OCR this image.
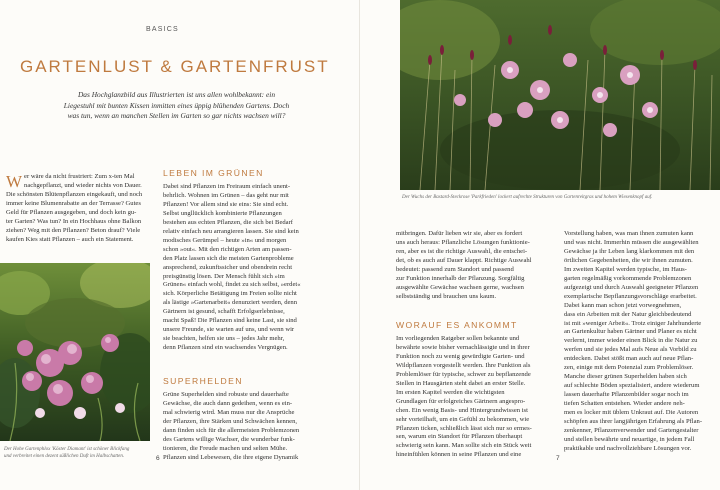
BASICS
GARTENLUST & GARTENFRUST
Das Hochglanzbild aus Illustrierten ist uns allen wohlbekannt: ein
Liegestuhl mit bunten Kissen inmitten eines üppig blühenden Gartens. Doch
was tun, wenn an manchen Stellen im Garten so gar nichts wachsen will?
W er wäre da nicht frustriert: Zum x-ten Mal
nachgepflanzt, und wieder nichts von Dauer.
Die schönsten Blütenpflanzen eingekauft, und noch
immer keine Blumenrabatte an der Terrasse? Gutes
Geld für Pflanzen ausgegeben, und doch kein gu-
ter Garten? Was tun? In ein Hochhaus ohne Balkon
ziehen? Weg mit den Pflanzen? Beton drauf? Viele
kaufen Kies statt Pflanzen – auch ein Statement.
Der Hohe Gartenphlox 'Köster Diamant' ist schöner Blickfang
und verbreitet einen dezent süßlichen Duft im Halbschatten.
LEBEN IM GRÜNEN
Dabei sind Pflanzen im Freiraum einfach unent-
behrlich. Wohnen im Grünen – das geht nur mit
Pflanzen! Vor allem sind sie eins: Sie sind echt.
Selbst ungllücklich kombinierte Pflanzungen
bestehen aus echten Pflanzen, die sich bei Bedarf
relativ einfach neu arrangieren lassen. Sie sind kein
modisches Gerümpel – heute »in« und morgen
schon »out«. Mit den richtigen Arten am passen-
den Platz lassen sich die meisten Gartenprobleme
ansprechend, zukunftssicher und obendrein recht
preisgünstig lösen. Der Mensch fühlt sich »im
Grünen« einfach wohl, findet zu sich selbst, »erdet«
sich. Körperliche Betätigung im Freien sollte nicht
als lästige »Gartenarbeit« denunziert werden, denn
Gärtnern ist gesund, schafft Erfolgserlebnisse,
macht Spaß! Die Pflanzen sind keine Last, sie sind
unsere Freunde, sie warten auf uns, und wenn wir
sie beachten, helfen sie uns – jedes Jahr mehr,
denn Pflanzen sind ein wachsendes Vergnügen.
SUPERHELDEN
Grüne Superhelden sind robuste und dauerhafte
Gewächse, die auch dann gedeihen, wenn es ein-
mal schwierig wird. Man muss nur die Ansprüche
der Pflanzen, ihre Stärken und Schwächen kennen,
dann finden sich für die allermeisten Problemzonen
des Gartens willige Wachser, die wunderbar funk-
tionieren, die Freude machen und selten Mühe.
Pflanzen sind Lebewesen, die ihre eigene Dynamik
6
Der Wuchs der Bastard-Steckrose 'Parkfrieden' lockert aufrechte Strukturen von Gartenreitgras und hohem Wiesenknopf auf.
mitbringen. Dafür lieben wir sie, aber es fordert
uns auch heraus: Pflanzliche Lösungen funktionie-
ren, aber es ist die richtige Auswahl, die entschei-
det, ob es auch auf Dauer klappt. Richtige Auswahl
bedeutet: passend zum Standort und passend
zur Funktion innerhalb der Pflanzung. Sorgfältig
ausgewählte Gewächse wachsen gerne, wachsen
selbstständig und brauchen uns kaum.
WORAUF ES ANKOMMT
Im vorliegenden Ratgeber sollen bekannte und
bewährte sowie bisher vernachlässigte und in ihrer
Funktion noch zu wenig gewürdigte Garten- und
Wildpflanzen vorgestellt werden. Ihre Funktion als
Problemlöser für typische, schwer zu bepflanzende
Stellen in Hausgärten steht dabei an erster Stelle.
Im ersten Kapitel werden die wichtigsten
Grundlagen für erfolgreiches Gärtnern angespro-
chen. Ein wenig Basis- und Hintergrundwissen ist
sehr vorteilhaft, um ein Gefühl zu bekommen, wie
Pflanzen ticken, schließlich lässt sich nur so ermes-
sen, warum ein Standort für Pflanzen überhaupt
schwierig sein kann. Man sollte sich ein Stück weit
hineinfühlen können in seine Pflanzen und eine
Vorstellung haben, was man ihnen zumuten kann
und was nicht. Immerhin müssen die ausgewählten
Gewächse ja ihr Leben lang klarkommen mit den
örtlichen Gegebenheiten, die wir ihnen zumuten.
Im zweiten Kapitel werden typische, im Haus-
garten regelmäßig vorkommende Problemzonen
aufgezeigt und durch Auswahl geeigneter Pflanzen
exemplarische Bepflanzungsvorschläge erarbeitet.
Dabei kann man schon jetzt vorwegnehmen,
dass ein Arbeiten mit der Natur gleichbedeutend
ist mit »weniger Arbeit«. Trotz einiger Jahrhunderte
an Gartenkultur haben Gärtner und Planer es nicht
verlernt, immer wieder einen Blick in die Natur zu
werfen und sie jedes Mal aufs Neue als Vorbild zu
entdecken. Dabei stößt man auch auf neue Pflan-
zen, einige mit dem Potenzial zum Problemlöser.
Manche dieser grünen Superhelden haben sich
auf schlechte Böden spezialisiert, andere wiederum
lassen dauerhafte Pflanzenbilder sogar noch im
tiefen Schatten entstehen. Wieder andere neh-
men es locker mit üblem Unkraut auf. Die Autoren
schöpfen aus ihrer langjährigen Erfahrung als Pflan-
zenkenner, Pflanzenverwender und Gartengestalter
und stellen bewährte und neuartige, in jedem Fall
praktikable und nachvollziehbare Lösungen vor.
7
